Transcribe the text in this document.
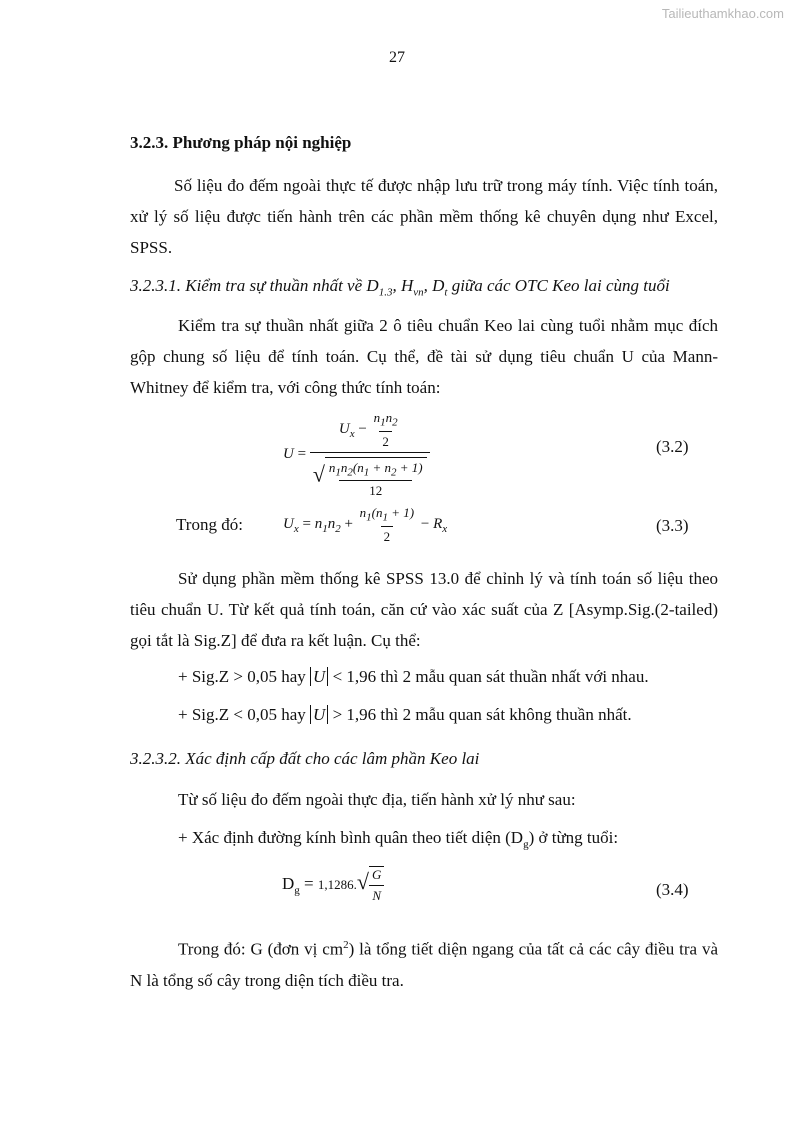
Tailieuthamkhao.com
27
3.2.3. Phương pháp nội nghiệp

Số liệu đo đếm ngoài thực tế được nhập lưu trữ trong máy tính. Việc tính toán, xử lý số liệu được tiến hành trên các phần mềm thống kê chuyên dụng như Excel, SPSS.

3.2.3.1. Kiểm tra sự thuần nhất về $D_{1.3}$, $H_{vn}$, $D_t$ giữa các OTC Keo lai cùng tuổi

Kiểm tra sự thuần nhất giữa 2 ô tiêu chuẩn Keo lai cùng tuổi nhằm mục đích gộp chung số liệu để tính toán. Cụ thể, đề tài sử dụng tiêu chuẩn U của Mann-Whitney để kiểm tra, với công thức tính toán:

$U = \frac{U_x - \frac{n_1n_2}{2}}{√ \frac{n_1n_2(n_1 + n_2 + 1)}{12}}$	(3.2)
Trong đó:	$U_x = n_1n_2 + \frac{n_1(n_1 + 1)}{2} - R_x$	(3.3)

Sử dụng phần mềm thống kê SPSS 13.0 để chỉnh lý và tính toán số liệu theo tiêu chuẩn U. Từ kết quả tính toán, căn cứ vào xác suất của Z [Asymp.Sig.(2-tailed) gọi tắt là Sig.Z] để đưa ra kết luận. Cụ thể:

+ Sig.Z > 0,05 hay U < 1,96 thì 2 mẫu quan sát thuần nhất với nhau.

+ Sig.Z < 0,05 hay U > 1,96 thì 2 mẫu quan sát không thuần nhất.

3.2.3.2. Xác định cấp đất cho các lâm phần Keo lai

Từ số liệu đo đếm ngoài thực địa, tiến hành xử lý như sau:

+ Xác định đường kính bình quân theo tiết diện $(D_g)$ ở từng tuổi:

$D_g = 1,1286.√ \frac{G}{N}$	(3.4)

Trong đó: G (đơn vị $cm^2$) là tổng tiết diện ngang của tất cả các cây điều tra và N là tổng số cây trong diện tích điều tra.
